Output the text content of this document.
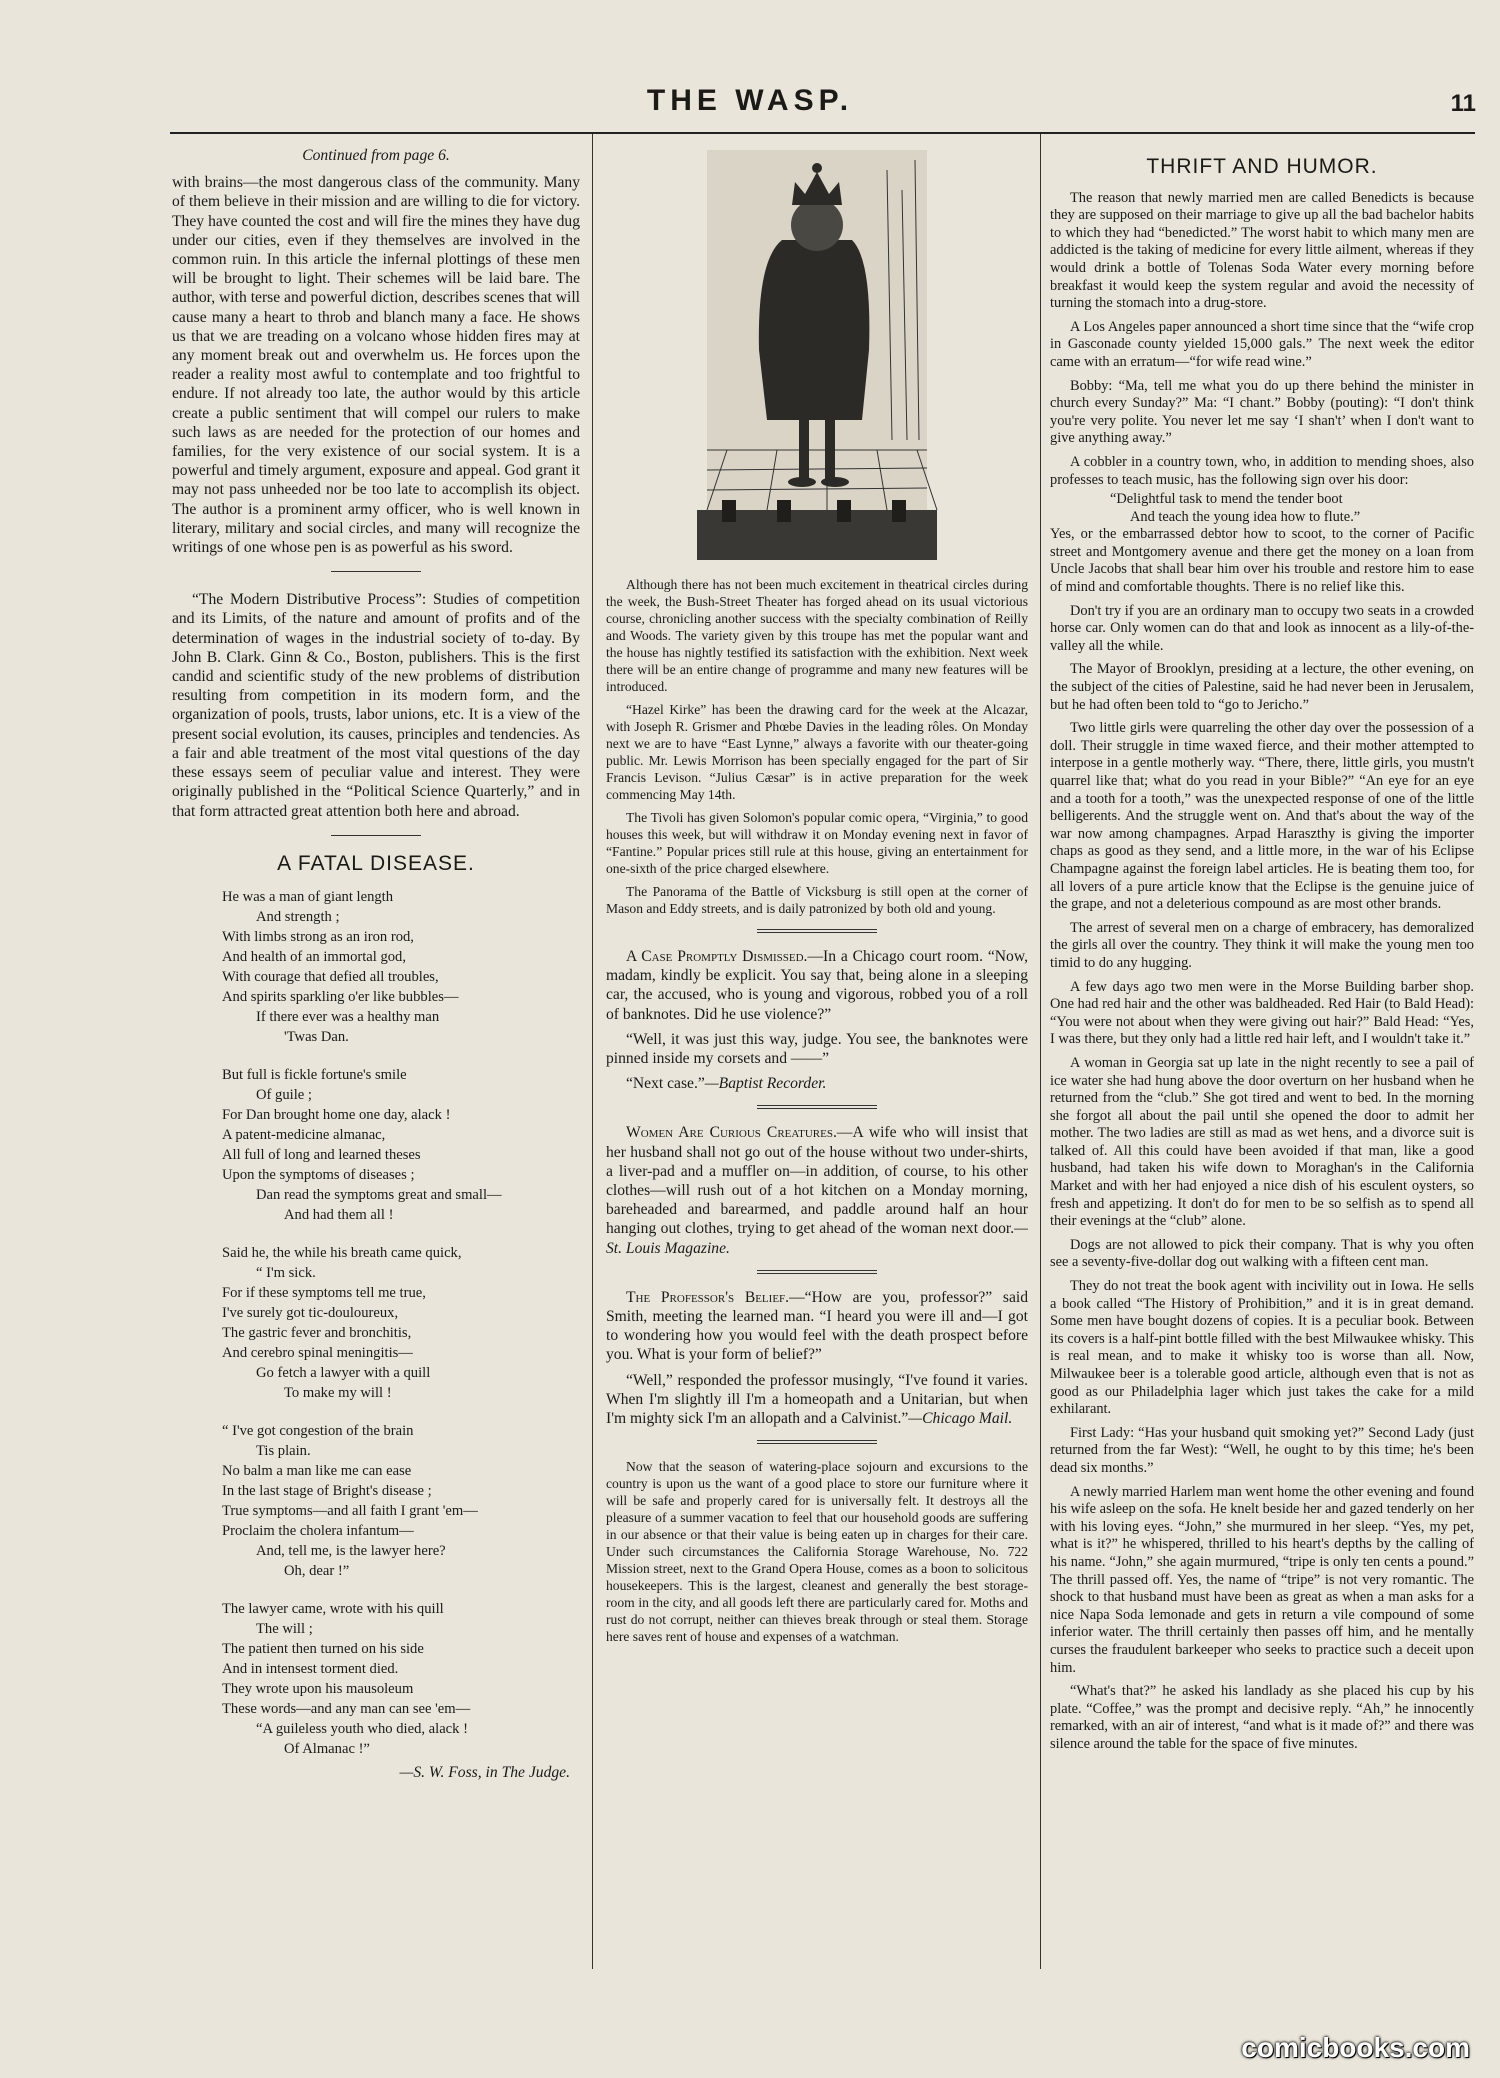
THE WASP.	11

Continued from page 6.

with brains—the most dangerous class of the community. Many of them believe in their mission and are willing to die for victory. They have counted the cost and will fire the mines they have dug under our cities, even if they themselves are involved in the common ruin. In this article the infernal plottings of these men will be brought to light. Their schemes will be laid bare. The author, with terse and powerful diction, describes scenes that will cause many a heart to throb and blanch many a face. He shows us that we are treading on a volcano whose hidden fires may at any moment break out and overwhelm us. He forces upon the reader a reality most awful to contemplate and too frightful to endure. If not already too late, the author would by this article create a public sentiment that will compel our rulers to make such laws as are needed for the protection of our homes and families, for the very existence of our social system. It is a powerful and timely argument, exposure and appeal. God grant it may not pass unheeded nor be too late to accomplish its object. The author is a prominent army officer, who is well known in literary, military and social circles, and many will recognize the writings of one whose pen is as powerful as his sword.

“The Modern Distributive Process”: Studies of competition and its Limits, of the nature and amount of profits and of the determination of wages in the industrial society of to-day. By John B. Clark. Ginn & Co., Boston, publishers. This is the first candid and scientific study of the new problems of distribution resulting from competition in its modern form, and the organization of pools, trusts, labor unions, etc. It is a view of the present social evolution, its causes, principles and tendencies. As a fair and able treatment of the most vital questions of the day these essays seem of peculiar value and interest. They were originally published in the “Political Science Quarterly,” and in that form attracted great attention both here and abroad.

A FATAL DISEASE.
He was a man of giant length
And strength ;
With limbs strong as an iron rod,
And health of an immortal god,
With courage that defied all troubles,
And spirits sparkling o'er like bubbles—
If there ever was a healthy man
'Twas Dan.
But full is fickle fortune's smile
Of guile ;
For Dan brought home one day, alack !
A patent-medicine almanac,
All full of long and learned theses
Upon the symptoms of diseases ;
Dan read the symptoms great and small—
And had them all !
Said he, the while his breath came quick,
“ I'm sick.
For if these symptoms tell me true,
I've surely got tic-douloureux,
The gastric fever and bronchitis,
And cerebro spinal meningitis—
Go fetch a lawyer with a quill
To make my will !
“ I've got congestion of the brain
Tis plain.
No balm a man like me can ease
In the last stage of Bright's disease ;
True symptoms—and all faith I grant 'em—
Proclaim the cholera infantum—
And, tell me, is the lawyer here?
Oh, dear !”
The lawyer came, wrote with his quill
The will ;
The patient then turned on his side
And in intensest torment died.
They wrote upon his mausoleum
These words—and any man can see 'em—
“A guileless youth who died, alack !
Of Almanac !”

—S. W. Foss, in The Judge.

Although there has not been much excitement in theatrical circles during the week, the Bush-Street Theater has forged ahead on its usual victorious course, chronicling another success with the specialty combination of Reilly and Woods. The variety given by this troupe has met the popular want and the house has nightly testified its satisfaction with the exhibition. Next week there will be an entire change of programme and many new features will be introduced.

“Hazel Kirke” has been the drawing card for the week at the Alcazar, with Joseph R. Grismer and Phœbe Davies in the leading rôles. On Monday next we are to have “East Lynne,” always a favorite with our theater-going public. Mr. Lewis Morrison has been specially engaged for the part of Sir Francis Levison. “Julius Cæsar” is in active preparation for the week commencing May 14th.

The Tivoli has given Solomon's popular comic opera, “Virginia,” to good houses this week, but will withdraw it on Monday evening next in favor of “Fantine.” Popular prices still rule at this house, giving an entertainment for one-sixth of the price charged elsewhere.

The Panorama of the Battle of Vicksburg is still open at the corner of Mason and Eddy streets, and is daily patronized by both old and young.

A Case Promptly Dismissed.—In a Chicago court room. “Now, madam, kindly be explicit. You say that, being alone in a sleeping car, the accused, who is young and vigorous, robbed you of a roll of banknotes. Did he use violence?”

“Well, it was just this way, judge. You see, the banknotes were pinned inside my corsets and ——”

“Next case.”—Baptist Recorder.

Women Are Curious Creatures.—A wife who will insist that her husband shall not go out of the house without two under-shirts, a liver-pad and a muffler on—in addition, of course, to his other clothes—will rush out of a hot kitchen on a Monday morning, bareheaded and barearmed, and paddle around half an hour hanging out clothes, trying to get ahead of the woman next door.—St. Louis Magazine.

The Professor's Belief.—“How are you, professor?” said Smith, meeting the learned man. “I heard you were ill and—I got to wondering how you would feel with the death prospect before you. What is your form of belief?”

“Well,” responded the professor musingly, “I've found it varies. When I'm slightly ill I'm a homeopath and a Unitarian, but when I'm mighty sick I'm an allopath and a Calvinist.”—Chicago Mail.

Now that the season of watering-place sojourn and excursions to the country is upon us the want of a good place to store our furniture where it will be safe and properly cared for is universally felt. It destroys all the pleasure of a summer vacation to feel that our household goods are suffering in our absence or that their value is being eaten up in charges for their care. Under such circumstances the California Storage Warehouse, No. 722 Mission street, next to the Grand Opera House, comes as a boon to solicitous housekeepers. This is the largest, cleanest and generally the best storage-room in the city, and all goods left there are particularly cared for. Moths and rust do not corrupt, neither can thieves break through or steal them. Storage here saves rent of house and expenses of a watchman.

THRIFT AND HUMOR.

The reason that newly married men are called Benedicts is because they are supposed on their marriage to give up all the bad bachelor habits to which they had “benedicted.” The worst habit to which many men are addicted is the taking of medicine for every little ailment, whereas if they would drink a bottle of Tolenas Soda Water every morning before breakfast it would keep the system regular and avoid the necessity of turning the stomach into a drug-store.

A Los Angeles paper announced a short time since that the “wife crop in Gasconade county yielded 15,000 gals.” The next week the editor came with an erratum—“for wife read wine.”

Bobby: “Ma, tell me what you do up there behind the minister in church every Sunday?” Ma: “I chant.” Bobby (pouting): “I don't think you're very polite. You never let me say ‘I shan't’ when I don't want to give anything away.”

A cobbler in a country town, who, in addition to mending shoes, also professes to teach music, has the following sign over his door:

“Delightful task to mend the tender boot
And teach the young idea how to flute.”

Yes, or the embarrassed debtor how to scoot, to the corner of Pacific street and Montgomery avenue and there get the money on a loan from Uncle Jacobs that shall bear him over his trouble and restore him to ease of mind and comfortable thoughts. There is no relief like this.

Don't try if you are an ordinary man to occupy two seats in a crowded horse car. Only women can do that and look as innocent as a lily-of-the-valley all the while.

The Mayor of Brooklyn, presiding at a lecture, the other evening, on the subject of the cities of Palestine, said he had never been in Jerusalem, but he had often been told to “go to Jericho.”

Two little girls were quarreling the other day over the possession of a doll. Their struggle in time waxed fierce, and their mother attempted to interpose in a gentle motherly way. “There, there, little girls, you mustn't quarrel like that; what do you read in your Bible?” “An eye for an eye and a tooth for a tooth,” was the unexpected response of one of the little belligerents. And the struggle went on. And that's about the way of the war now among champagnes. Arpad Haraszthy is giving the importer chaps as good as they send, and a little more, in the war of his Eclipse Champagne against the foreign label articles. He is beating them too, for all lovers of a pure article know that the Eclipse is the genuine juice of the grape, and not a deleterious compound as are most other brands.

The arrest of several men on a charge of embracery, has demoralized the girls all over the country. They think it will make the young men too timid to do any hugging.

A few days ago two men were in the Morse Building barber shop. One had red hair and the other was baldheaded. Red Hair (to Bald Head): “You were not about when they were giving out hair?” Bald Head: “Yes, I was there, but they only had a little red hair left, and I wouldn't take it.”

A woman in Georgia sat up late in the night recently to see a pail of ice water she had hung above the door overturn on her husband when he returned from the “club.” She got tired and went to bed. In the morning she forgot all about the pail until she opened the door to admit her mother. The two ladies are still as mad as wet hens, and a divorce suit is talked of. All this could have been avoided if that man, like a good husband, had taken his wife down to Moraghan's in the California Market and with her had enjoyed a nice dish of his esculent oysters, so fresh and appetizing. It don't do for men to be so selfish as to spend all their evenings at the “club” alone.

Dogs are not allowed to pick their company. That is why you often see a seventy-five-dollar dog out walking with a fifteen cent man.

They do not treat the book agent with incivility out in Iowa. He sells a book called “The History of Prohibition,” and it is in great demand. Some men have bought dozens of copies. It is a peculiar book. Between its covers is a half-pint bottle filled with the best Milwaukee whisky. This is real mean, and to make it whisky too is worse than all. Now, Milwaukee beer is a tolerable good article, although even that is not as good as our Philadelphia lager which just takes the cake for a mild exhilarant.

First Lady: “Has your husband quit smoking yet?” Second Lady (just returned from the far West): “Well, he ought to by this time; he's been dead six months.”

A newly married Harlem man went home the other evening and found his wife asleep on the sofa. He knelt beside her and gazed tenderly on her with his loving eyes. “John,” she murmured in her sleep. “Yes, my pet, what is it?” he whispered, thrilled to his heart's depths by the calling of his name. “John,” she again murmured, “tripe is only ten cents a pound.” The thrill passed off. Yes, the name of “tripe” is not very romantic. The shock to that husband must have been as great as when a man asks for a nice Napa Soda lemonade and gets in return a vile compound of some inferior water. The thrill certainly then passes off him, and he mentally curses the fraudulent barkeeper who seeks to practice such a deceit upon him.

“What's that?” he asked his landlady as she placed his cup by his plate. “Coffee,” was the prompt and decisive reply. “Ah,” he innocently remarked, with an air of interest, “and what is it made of?” and there was silence around the table for the space of five minutes.

comicbooks.com
